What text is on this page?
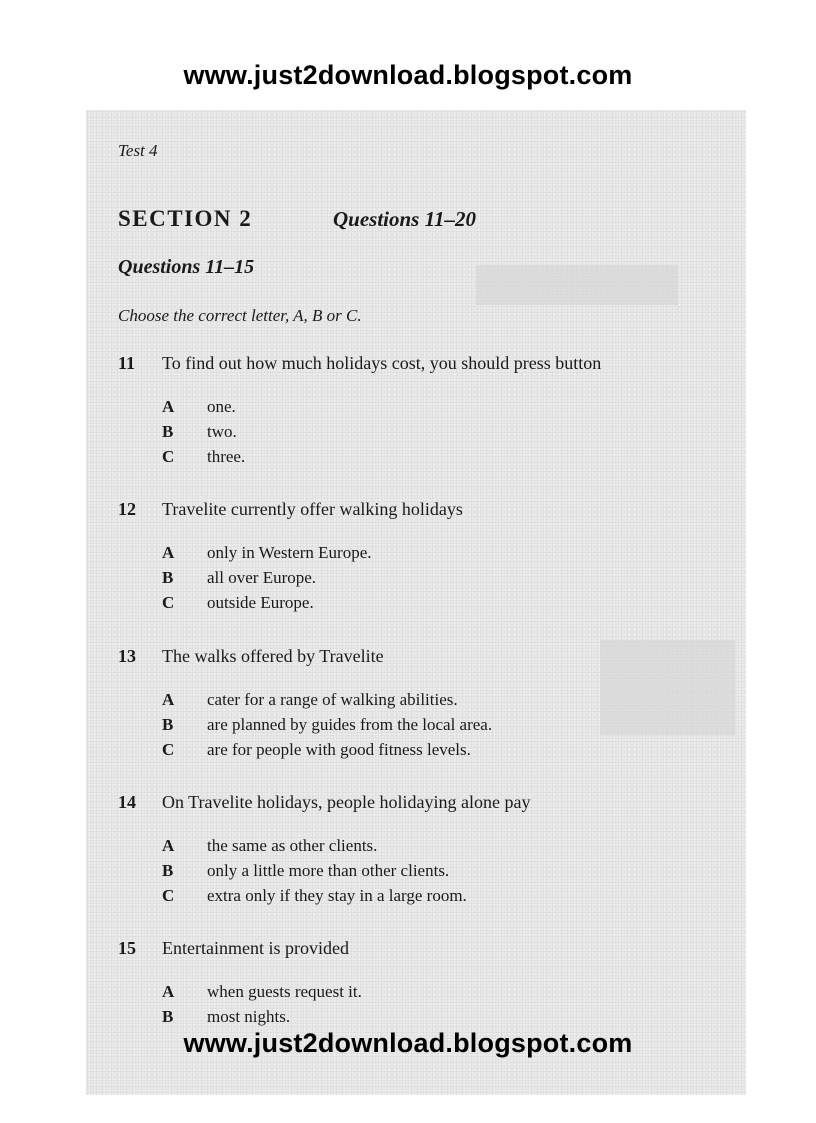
www.just2download.blogspot.com
Test 4
SECTION 2	Questions 11–20
Questions 11–15
Choose the correct letter, A, B or C.
11	To find out how much holidays cost, you should press button
A	one.
B	two.
C	three.
12	Travelite currently offer walking holidays
A	only in Western Europe.
B	all over Europe.
C	outside Europe.
13	The walks offered by Travelite
A	cater for a range of walking abilities.
B	are planned by guides from the local area.
C	are for people with good fitness levels.
14	On Travelite holidays, people holidaying alone pay
A	the same as other clients.
B	only a little more than other clients.
C	extra only if they stay in a large room.
15	Entertainment is provided
A	when guests request it.
B	most nights.
www.just2download.blogspot.com
